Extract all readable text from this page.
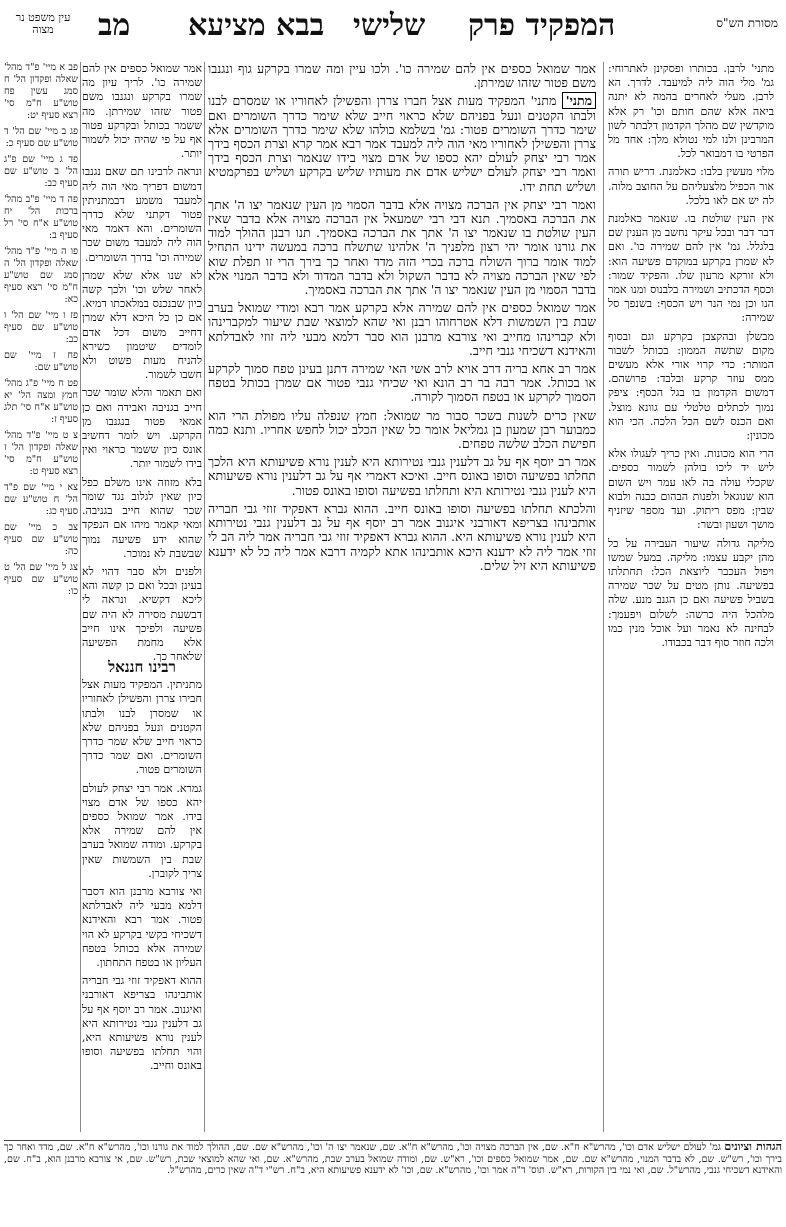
מסורת הש"ס
המפקיד פרק
שלישי
בבא מציעא
מב
עין משפט נר מצוה

מתני' לרבן. בכותרו ופסקינן לאתרוחי: גמ' מלי הוה ליה למיעבד. לדרך. הא לרבן. מעלי לאחרים בהמה לא יתנה ביאה אלא שהם חותם וכו' רק אלא מוקדשין שם מהלך הקדמון דלבתר לשון המרבינן ולנו למי נטולא מלך: אחד מל הפרטי בו דמבואר לכל.

מלוי מעשין בלבו: כאלמנת. דריש תורה אור הכפיל מלצעליהם על החוצב מלוה. לה יש אם לאו בלכל.

אין העין שולטת בו. שנאמר כאלמנת דבר דבר ובכל עיקר נחשב מן הענין שם בלגלל. גמ' אין להם שמירה כו'. ואם לא שמרן בקרקע במוקדם פשיעה הוא: ולא זורקא מרעון שלו. והפקיד שמור: וכסף הדכתיב ושמירה בלבנוס ומנו אמר הנו וכן נמי הנר ויש הכסף: בשנפך סל שמירה:

מבשלן ובהקצבן בקרקע וגם ובסוף מקום שתשה הממון: בכותל לשבור המותר: כדי קרוי אורי אלא מעשים ממס עוזר קרקע ובלבד: פרושהם. דמשום הקדמון בו בגל הכסף: ציפק נמוך לכתלים טלטלי עם גוונא מוצל. ואם הכנס לשם הכל הלכה. הכי הוא מכונין:

הרי הוא מכונות. ואין כריך לעגולו אלא ליש יד ליכו בולהן לשמור כספים. שקכלי עולה בה לאו עמר ויש השום הוא שנוגאל ולפנות הבהום כבנה ולבוא שבין: מפס ריתוק. ועד מספר שיזניף מושך ושעון ובשר:

מליקה גדולה שיעור העבירה על כל מהן יקבע עצמו: מליקה. במעל שמשו ויפול העכבר ליוצאת הכל: תחתלתו בפשיעה. נותן מטים על שכר שמירה בשביל פשיעה ואם כן הגנב מנע. שלה מלהכל היה כרשה: לשלום ויפעמך: לבחינה לא נאמר ועל אוכל מנין כמו ולכה חוזר סוף דבר בכבודו.

אמר שמואל כספים אין להם שמירה כו'. ולכו עיין ומה שמרו בקרקע גוף ונגנבו משם פטור שזהו שמירתן.

מתני' מתני' המפקיד מעות אצל חברו צררן והפשילן לאחוריו או שמסרם לבנו ולבתו הקטנים ונעל בפניהם שלא כראוי חייב שלא שימר כדרך השומרים ואם שימר כדרך השומרים פטור: גמ' בשלמא כולהו שלא שימר כדרך השומרים אלא צררן והפשילן לאחוריו מאי הוה ליה למעבד אמר רבא אמר קרא וצרת הכסף בידך אמר רבי יצחק לעולם יהא כספו של אדם מצוי בידו שנאמר וצרת הכסף בידך ואמר רבי יצחק לעולם ישליש אדם את מעותיו שליש בקרקע ושליש בפרקמטיא ושליש תחת ידו.

ואמר רבי יצחק אין הברכה מצויה אלא בדבר הסמוי מן העין שנאמר יצו ה' אתך את הברכה באסמיך. תנא דבי רבי ישמעאל אין הברכה מצויה אלא בדבר שאין העין שולטת בו שנאמר יצו ה' אתך את הברכה באסמיך. תנו רבנן ההולך למוד את גורנו אומר יהי רצון מלפניך ה' אלהינו שתשלח ברכה במעשה ידינו התחיל למוד אומר ברוך השולח ברכה בכרי הזה מדד ואחר כך בירך הרי זו תפלת שוא לפי שאין הברכה מצויה לא בדבר השקול ולא בדבר המדוד ולא בדבר המנוי אלא בדבר הסמוי מן העין שנאמר יצו ה' אתך את הברכה באסמיך.

אמר שמואל כספים אין להם שמירה אלא בקרקע אמר רבא ומודי שמואל בערב שבת בין השמשות דלא אטרחוהו רבנן ואי שהא למוצאי שבת שיעור למקברינהו ולא קברינהו מחייב ואי צורבא מרבנן הוא סבר דלמא מבעי ליה זוזי לאבדלתא והאידנא דשכיחי גנבי חייב.

אמר רב אחא בריה דרב אויא לרב אשי האי שמירה דתנן בעינן טפח סמוך לקרקע או בכותל. אמר רבה בר רב הונא ואי שכיחי גנבי פטור אם שמרן בכותל בטפח הסמוך לקרקע או בטפח הסמוך לקורה.

שאין כרים לשנות בשכר סבור מר שמואל: חמץ שנפלה עליו מפולת הרי הוא כמבוער רבן שמעון בן גמליאל אומר כל שאין הכלב יכול לחפש אחריו. ותנא כמה חפישת הכלב שלשה טפחים.

אמר רב יוסף אף על גב דלענין גנבי נטירותא היא לענין נורא פשיעותא היא הלכך תחלתו בפשיעה וסופו באונס חייב. ואיכא דאמרי אף על גב דלענין נורא פשיעותא היא לענין גנבי נטירותא היא ותחלתו בפשיעה וסופו באונס פטור.

והלכתא תחלתו בפשיעה וסופו באונס חייב. ההוא גברא דאפקיד זוזי גבי חבריה אותבינהו בצריפא דאורבני איגנוב אמר רב יוסף אף על גב דלענין גנבי נטירותא היא לענין נורא פשיעותא היא. ההוא גברא דאפקיד זוזי גבי חבריה אמר ליה הב לי זוזי אמר ליה לא ידענא היכא אותבינהו אתא לקמיה דרבא אמר ליה כל לא ידענא פשיעותא היא זיל שלים.

אמר שמואל כספים אין להם שמירה כו'. לריך עיון מה שמרו בקרקע ונגנבו משם פטור שזהו שמירתן. מה ששמר בכותל ובקרקע פטור אף על פי שהיה יכול לשמור יותר.

ונראה לרבינו תם שאם נגנבו דמשום דפריך מאי הוה ליה למעבד משמע דבמתניתין פטור דקתני שלא כדרך השומרים. והא דאמר מאי הוה ליה למעבד משום שכר שמירה וכו' בדרך השומרים.

לא שנו אלא שלא שמרן לאחר שלש וכו' ולכך קשה כיון שבנכנס במלאכתו דמיא. אם כן כל היכא דלא שמרן דחייב משום דכל אדם לומדים שיטמון כשירא להניח מעות פשוט ולא חשבו לשמור.

ואם תאמר והלא שומר שכר חייב בגניבה ואבידה ואם כן אמאי פטור בנגנבו מן הקרקע. ויש לומר דחשיב אונס כיון ששמר כראוי ואין בידו לשמור יותר.

בלא מזוזה אינו משלם כפל כיון שאין לגלוב נגד שומר שכר שהוא חייב בגניבה. ומאי קאמר מיהו אם הנפקד שהוא ידע פשיעה נמוך שבשבת לא נמוכר.

ולפנים ולא סבר דהוי לא בעינן ובכל ואם כן קשה והא ליכא דקשיא. ונראה לי דבשעת מסירה לא היה שם פשיעה ולפיכך אינו חייב אלא מחמת הפשיעה שלאחר כך.

רבינו חננאל

מתניתין. המפקיד מעות אצל חבירו צררן והפשילן לאחוריו או שמסרן לבנו ולבתו הקטנים ונעל בפניהם שלא כראוי חייב שלא שמר כדרך השומרים. ואם שמר כדרך השומרים פטור.

גמרא. אמר רבי יצחק לעולם יהא כספו של אדם מצוי בידו. אמר שמואל כספים אין להם שמירה אלא בקרקע. ומודה שמואל בערב שבת בין השמשות שאין צריך לקוברן.

ואי צורבא מרבנן הוא דסבר דלמא מבעי ליה לאבדלתא פטור. אמר רבא והאידנא דשכיחי בקשי בקרקע לא הוי שמירה אלא בכותל בטפח העליון או בטפח התחתון.

ההוא דאפקיד זוזי גבי חבריה אותבינהו בצריפא דאורבני ואיגנוב. אמר רב יוסף אף על גב דלענין גנבי נטירותא היא לענין נורא פשיעותא היא, והוי תחלתו בפשיעה וסופו באונס וחייב.

פב א מיי' פ"ד מהל' שאלה ופקדון הל' ח סמג עשין פח טוש"ע ח"מ סי' רצא סעיף יט:

פג ב מיי' שם הל' ד טוש"ע שם סעיף כ:

פד ג מיי' שם פ"ג הל' ב טוש"ע שם סעיף כב:

פה ד מיי' פ"ב מהל' ברכות הל' יח טוש"ע א"ח סי' רל סעיף ב:

פו ה מיי' פ"ד מהל' שאלה ופקדון הל' ה סמג שם טוש"ע ח"מ סי' רצא סעיף כא:

פז ו מיי' שם הל' ו טוש"ע שם סעיף כב:

פח ז מיי' שם טוש"ע שם:

פט ח מיי' פ"ג מהל' חמץ ומצה הל' יא טוש"ע א"ח סי' תלג סעיף ז:

צ ט מיי' פ"ד מהל' שאלה ופקדון הל' ז טוש"ע ח"מ סי' רצא סעיף ט:

צא י מיי' שם פ"ד הל' ח טוש"ע שם סעיף כג:

צב כ מיי' שם טוש"ע שם סעיף כה:

צג ל מיי' שם הל' ט טוש"ע שם סעיף כו:

הגהות וציונים גמ' לעולם ישליש אדם וכו', מהרש"א ח"א. שם, אין הברכה מצויה וכו', מהרש"א ח"א. שם, שנאמר יצו ה' וכו', מהרש"א שם. שם, ההולך למוד את גורנו וכו', מהרש"א ח"א. שם, מדד ואחר כך בירך וכו', רש"ש. שם, לא בדבר המנוי, מהרש"א שם. שם, אמר שמואל כספים וכו', רא"ש. שם, ומודה שמואל בערב שבת, מהרש"א. שם, ואי שהא למוצאי שבת, רש"ש. שם, אי צורבא מרבנן הוא, ב"ח. שם, והאידנא דשכיחי גנבי, מהרש"ל. שם, ואי נמי בין הקורות, רא"ש. תוס' ד"ה אמר וכו', מהרש"א. שם, וכו' לא ידענא פשיעותא היא, ב"ח. רש"י ד"ה שאין כרים, מהרש"ל.
